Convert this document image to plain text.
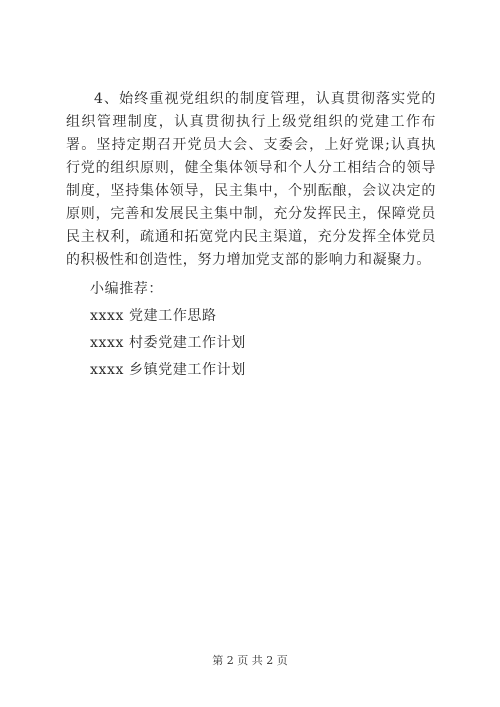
4、始终重视党组织的制度管理，认真贯彻落实党的组织管理制度，认真贯彻执行上级党组织的党建工作布署。坚持定期召开党员大会、支委会，上好党课;认真执行党的组织原则，健全集体领导和个人分工相结合的领导制度，坚持集体领导，民主集中，个别酝酿，会议决定的原则，完善和发展民主集中制，充分发挥民主，保障党员民主权利，疏通和拓宽党内民主渠道，充分发挥全体党员的积极性和创造性，努力增加党支部的影响力和凝聚力。

小编推荐：

xxxx 党建工作思路
xxxx 村委党建工作计划
xxxx 乡镇党建工作计划
第 2 页 共 2 页
